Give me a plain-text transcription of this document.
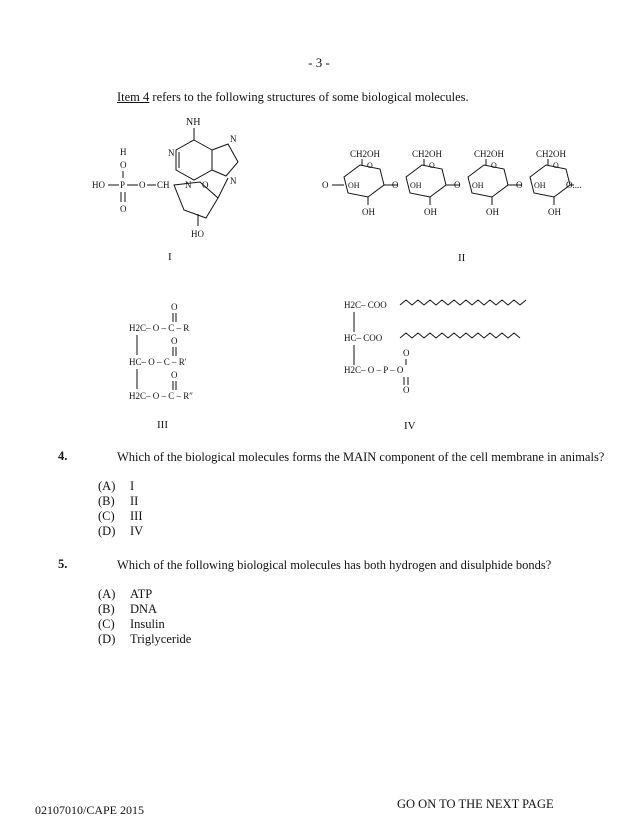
- 3 -
Item 4 refers to the following structures of some biological molecules.
NH
N
N
N	N
H
O
HO P
O
O CH	O
HO
I
CH2OH	CH2OH	CH2OH	CH2OH
O	O....
O	O	O
O	O	O	O
OH	OH	OH	OH
OH	OH	OH	OH
II
O
O
O
H2C– O – C – R
HC– O – C – R′
H2C– O – C – R″
III
H2C– COO
HC– COO
O
H2C– O – P – O
O
IV
4.	Which of the biological molecules forms the MAIN component of the cell membrane in animals?
(A) I
(B) II
(C) III
(D) IV
5.	Which of the following biological molecules has both hydrogen and disulphide bonds?
(A) ATP
(B) DNA
(C) Insulin
(D) Triglyceride
02107010/CAPE 2015	GO ON TO THE NEXT PAGE
